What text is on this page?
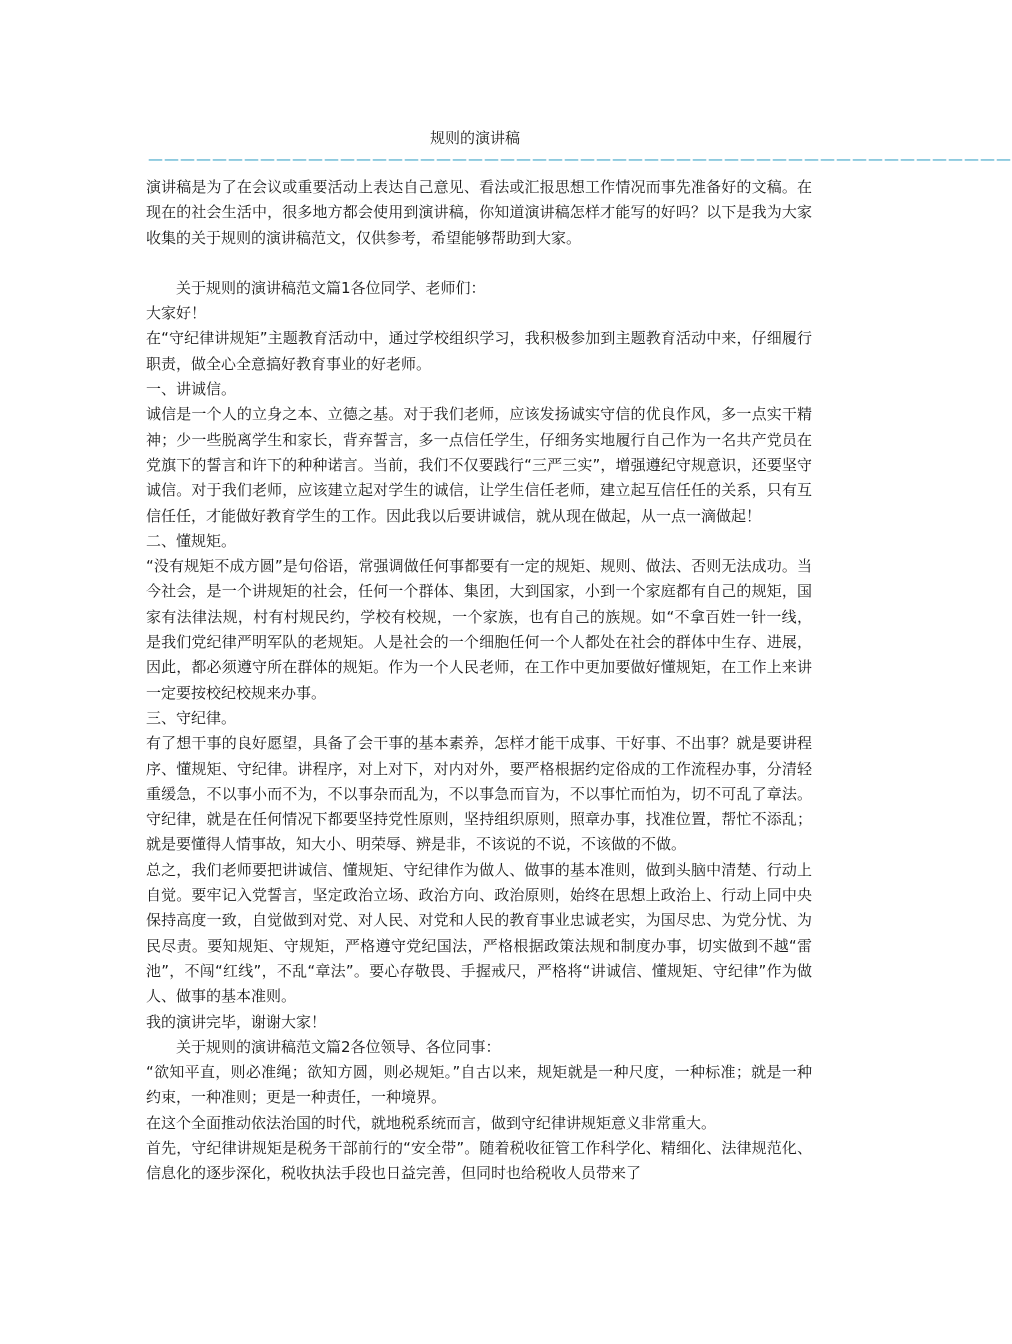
规则的演讲稿
——————————————————————————————————————————————————————

演讲稿是为了在会议或重要活动上表达自己意见、看法或汇报思想工作情况而事先准备好的文稿。在现在的社会生活中，很多地方都会使用到演讲稿，你知道演讲稿怎样才能写的好吗？以下是我为大家收集的关于规则的演讲稿范文，仅供参考，希望能够帮助到大家。

关于规则的演讲稿范文篇1各位同学、老师们：

大家好！

在“守纪律讲规矩”主题教育活动中，通过学校组织学习，我积极参加到主题教育活动中来，仔细履行职责，做全心全意搞好教育事业的好老师。

一、讲诚信。

诚信是一个人的立身之本、立德之基。对于我们老师，应该发扬诚实守信的优良作风，多一点实干精神；少一些脱离学生和家长，背弃誓言，多一点信任学生，仔细务实地履行自己作为一名共产党员在党旗下的誓言和许下的种种诺言。当前，我们不仅要践行“三严三实”，增强遵纪守规意识，还要坚守诚信。对于我们老师，应该建立起对学生的诚信，让学生信任老师，建立起互信任任的关系，只有互信任任，才能做好教育学生的工作。因此我以后要讲诚信，就从现在做起，从一点一滴做起！

二、懂规矩。

“没有规矩不成方圆”是句俗语，常强调做任何事都要有一定的规矩、规则、做法、否则无法成功。当今社会，是一个讲规矩的社会，任何一个群体、集团，大到国家，小到一个家庭都有自己的规矩，国家有法律法规，村有村规民约，学校有校规，一个家族，也有自己的族规。如“不拿百姓一针一线，是我们党纪律严明军队的老规矩。人是社会的一个细胞任何一个人都处在社会的群体中生存、进展，因此，都必须遵守所在群体的规矩。作为一个人民老师，在工作中更加要做好懂规矩，在工作上来讲一定要按校纪校规来办事。

三、守纪律。

有了想干事的良好愿望，具备了会干事的基本素养，怎样才能干成事、干好事、不出事？就是要讲程序、懂规矩、守纪律。讲程序，对上对下，对内对外，要严格根据约定俗成的工作流程办事，分清轻重缓急，不以事小而不为，不以事杂而乱为，不以事急而盲为，不以事忙而怕为，切不可乱了章法。守纪律，就是在任何情况下都要坚持党性原则，坚持组织原则，照章办事，找准位置，帮忙不添乱；就是要懂得人情事故，知大小、明荣辱、辨是非，不该说的不说，不该做的不做。

总之，我们老师要把讲诚信、懂规矩、守纪律作为做人、做事的基本准则，做到头脑中清楚、行动上自觉。要牢记入党誓言，坚定政治立场、政治方向、政治原则，始终在思想上政治上、行动上同中央保持高度一致，自觉做到对党、对人民、对党和人民的教育事业忠诚老实，为国尽忠、为党分忧、为民尽责。要知规矩、守规矩，严格遵守党纪国法，严格根据政策法规和制度办事，切实做到不越“雷池”，不闯“红线”，不乱“章法”。要心存敬畏、手握戒尺，严格将“讲诚信、懂规矩、守纪律”作为做人、做事的基本准则。

我的演讲完毕，谢谢大家！

关于规则的演讲稿范文篇2各位领导、各位同事：

“欲知平直，则必准绳；欲知方圆，则必规矩。”自古以来，规矩就是一种尺度，一种标准；就是一种约束，一种准则；更是一种责任，一种境界。

在这个全面推动依法治国的时代，就地税系统而言，做到守纪律讲规矩意义非常重大。

首先，守纪律讲规矩是税务干部前行的“安全带”。随着税收征管工作科学化、精细化、法律规范化、信息化的逐步深化，税收执法手段也日益完善，但同时也给税收人员带来了
